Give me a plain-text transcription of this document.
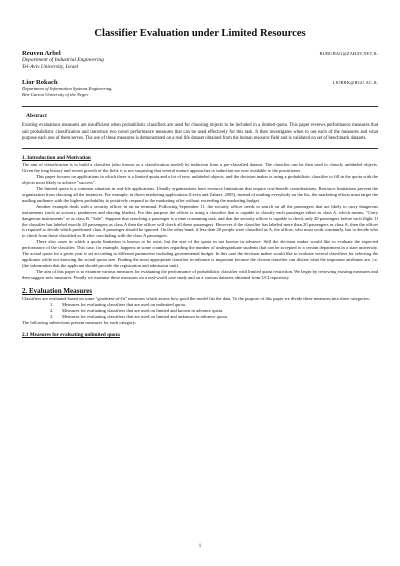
Classifier Evaluation under Limited Resources
Reuven Arbel	RUBUHAG@ZAHAV.NET.IL
Department of Industrial Engineering
Tel-Aviv University, Israel
Lior Rokach	LIORRK@BGU.AC.IL
Department of Information Systems Engineering,
Ben-Gurion University of the Negev
Abstract
Existing evaluations measures are insufficient when probabilistic classifiers are used for choosing objects to be included in a limited quota. This paper reviews performance measures that suit probabilistic classification and introduce two novel performance measures that can be used effectively for this task. It then investigates when to use each of the measures and what purpose each one of them serves. The use of these measures is demonstrated on a real life dataset obtained from the human resource field and is validated on set of benchmark datasets.
1. Introduction and Motivation
The aim of classification is to build a classifier (also known as a classification model) by induction from a pre-classified dataset. The classifier can be then used to classify unlabeled objects. Given the long history and recent growth of the field, it is not surprising that several mature approaches to induction are now available to the practitioner.
This paper focuses on applications in which there is a limited quota and a lot of new, unlabeled objects, and the decision maker is using a probabilistic classifier to fill in the quota with the objects most likely to achieve "success".
The limited quota is a common situation in real-life applications. Usually organizations have resource limitations that require cost-benefit considerations. Resource limitations prevent the organization from choosing all the instances. For example, in direct marketing applications (Levin and Zahavi, 2005), instead of mailing everybody on the list, the marketing efforts must target the mailing audience with the highest probability to positively respond to the marketing offer without exceeding the marketing budget.
Another example deals with a security officer in an air terminal. Following September 11, the security officer needs to search on all the passengers that are likely to carry dangerous instruments (such as scissors, penknives and shaving blades). For this purpose the officer is using a classifier that is capable to classify each passenger either as class A, which means, "Carry dangerous instruments" or as class B, "Safe". Suppose that searching a passenger is a time consuming task, and that the security officer is capable to check only 20 passengers before each flight. If the classifier has labeled exactly 20 passengers as class A then the officer will check all these passengers. However if the classifier has labeled more than 20 passengers as class A, then the officer is required to decide which predicated class A passenger should be ignored. On the other hand, if less than 20 people were classified as A, the officer, who must work constantly, has to decide who to check from those classified as B after concluding with the class A passengers.
There also cases in which a quota limitation is known to be exist, but the size of the quota in not known in advance. Still the decision maker would like to evaluate the expected performance of the classifier. This case, for example, happens in some countries regarding the number of undergraduate students that can be accepted to a certain department in a state university. The actual quota for a given year is set according to different parameters including governmental budget. In this case the decision maker would like to evaluate several classifiers for selecting the applicants while not knowing the actual quota size. Finding the most appropriate classifier in-advance is important because the chosen classifier can dictate what the important attributes are, i.e. (the information that the applicant should provide the registration and admission unit).
The aim of this paper is to examine various measures for evaluating the performance of probabilistic classifier with limited quota restriction. We begin by reviewing existing measures and then suggest new measures. Finally we examine these measures on a real-world case study and on a various datasets obtained from UCI repository.
2. Evaluation Measures
Classifiers are evaluated based on some "goodness-of-fit" measures which assess how good the model fits the data. To the purpose of this paper we divide these measures into three categories:
1. Measures for evaluating classifiers that are used on unlimited quota.
2. Measures for evaluating classifiers that are used on limited and known in advance quota.
3. Measures for evaluating classifiers that are used on limited and unknown in advance quota.
The following subsections present measures for each category:
2.1 Measures for evaluating unlimited quota
1
